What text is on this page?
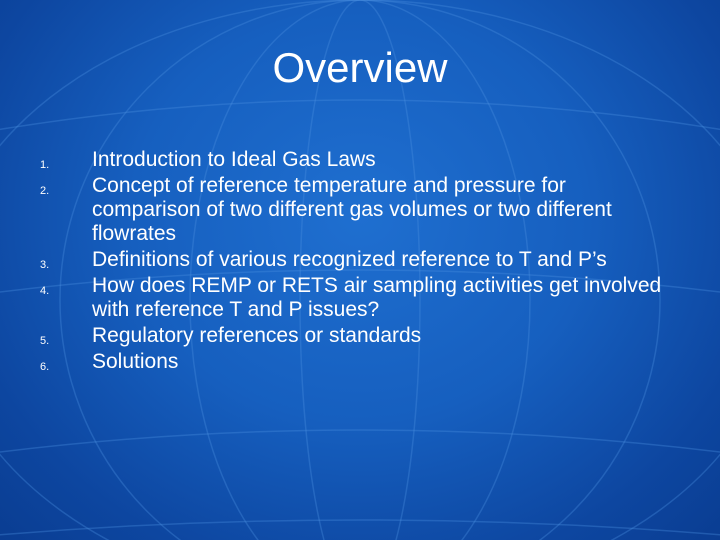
Overview
1. Introduction to Ideal Gas Laws
2. Concept of reference temperature and pressure for comparison of two different gas volumes or two different flowrates
3. Definitions of various recognized reference to T and P’s
4. How does REMP or RETS air sampling activities get involved with reference T and P issues?
5. Regulatory references or standards
6. Solutions
